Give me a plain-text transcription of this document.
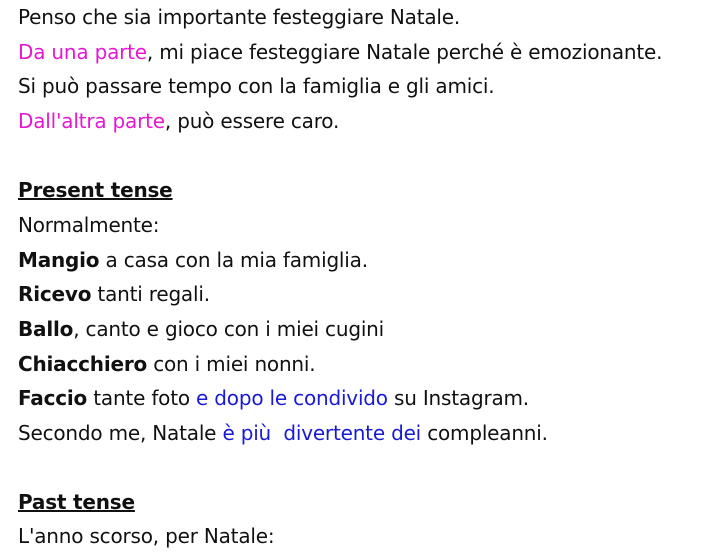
Penso che sia importante festeggiare Natale.
Da una parte, mi piace festeggiare Natale perché è emozionante.
Si può passare tempo con la famiglia e gli amici.
Dall'altra parte, può essere caro.
Present tense
Normalmente:
Mangio a casa con la mia famiglia.
Ricevo tanti regali.
Ballo, canto e gioco con i miei cugini
Chiacchiero con i miei nonni.
Faccio tante foto e dopo le condivido su Instagram.
Secondo me, Natale è più  divertente dei compleanni.
Past tense
L'anno scorso, per Natale:
